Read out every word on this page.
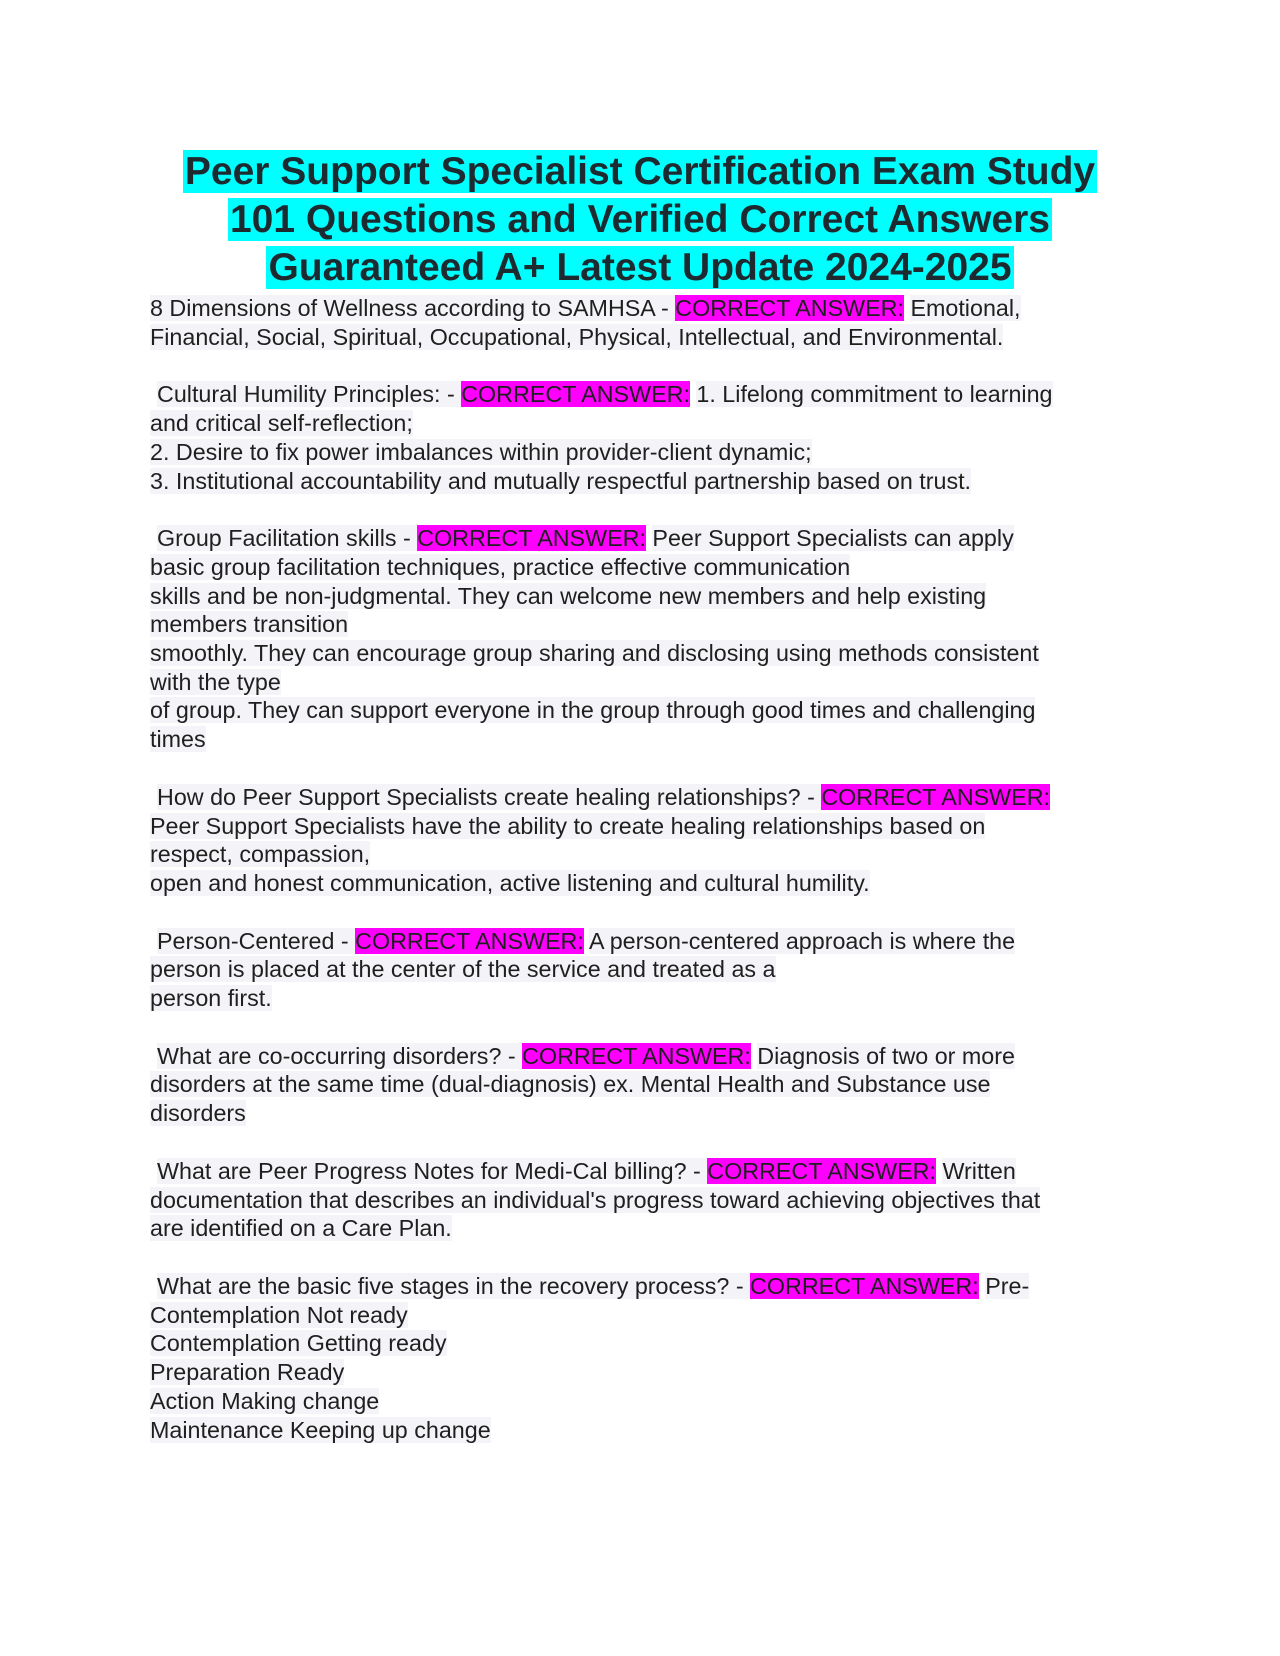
Peer Support Specialist Certification Exam Study
101 Questions and Verified Correct Answers
Guaranteed A+ Latest Update 2024-2025
8 Dimensions of Wellness according to SAMHSA - CORRECT ANSWER: Emotional,
Financial, Social, Spiritual, Occupational, Physical, Intellectual, and Environmental.
Cultural Humility Principles: - CORRECT ANSWER: 1. Lifelong commitment to learning
and critical self-reflection;
2. Desire to fix power imbalances within provider-client dynamic;
3. Institutional accountability and mutually respectful partnership based on trust.
Group Facilitation skills - CORRECT ANSWER: Peer Support Specialists can apply
basic group facilitation techniques, practice effective communication
skills and be non-judgmental. They can welcome new members and help existing
members transition
smoothly. They can encourage group sharing and disclosing using methods consistent
with the type
of group. They can support everyone in the group through good times and challenging
times
How do Peer Support Specialists create healing relationships? - CORRECT ANSWER:
Peer Support Specialists have the ability to create healing relationships based on
respect, compassion,
open and honest communication, active listening and cultural humility.
Person-Centered - CORRECT ANSWER: A person-centered approach is where the
person is placed at the center of the service and treated as a
person first.
What are co-occurring disorders? - CORRECT ANSWER: Diagnosis of two or more
disorders at the same time (dual-diagnosis) ex. Mental Health and Substance use
disorders
What are Peer Progress Notes for Medi-Cal billing? - CORRECT ANSWER: Written
documentation that describes an individual's progress toward achieving objectives that
are identified on a Care Plan.
What are the basic five stages in the recovery process? - CORRECT ANSWER: Pre-
Contemplation Not ready
Contemplation Getting ready
Preparation Ready
Action Making change
Maintenance Keeping up change
